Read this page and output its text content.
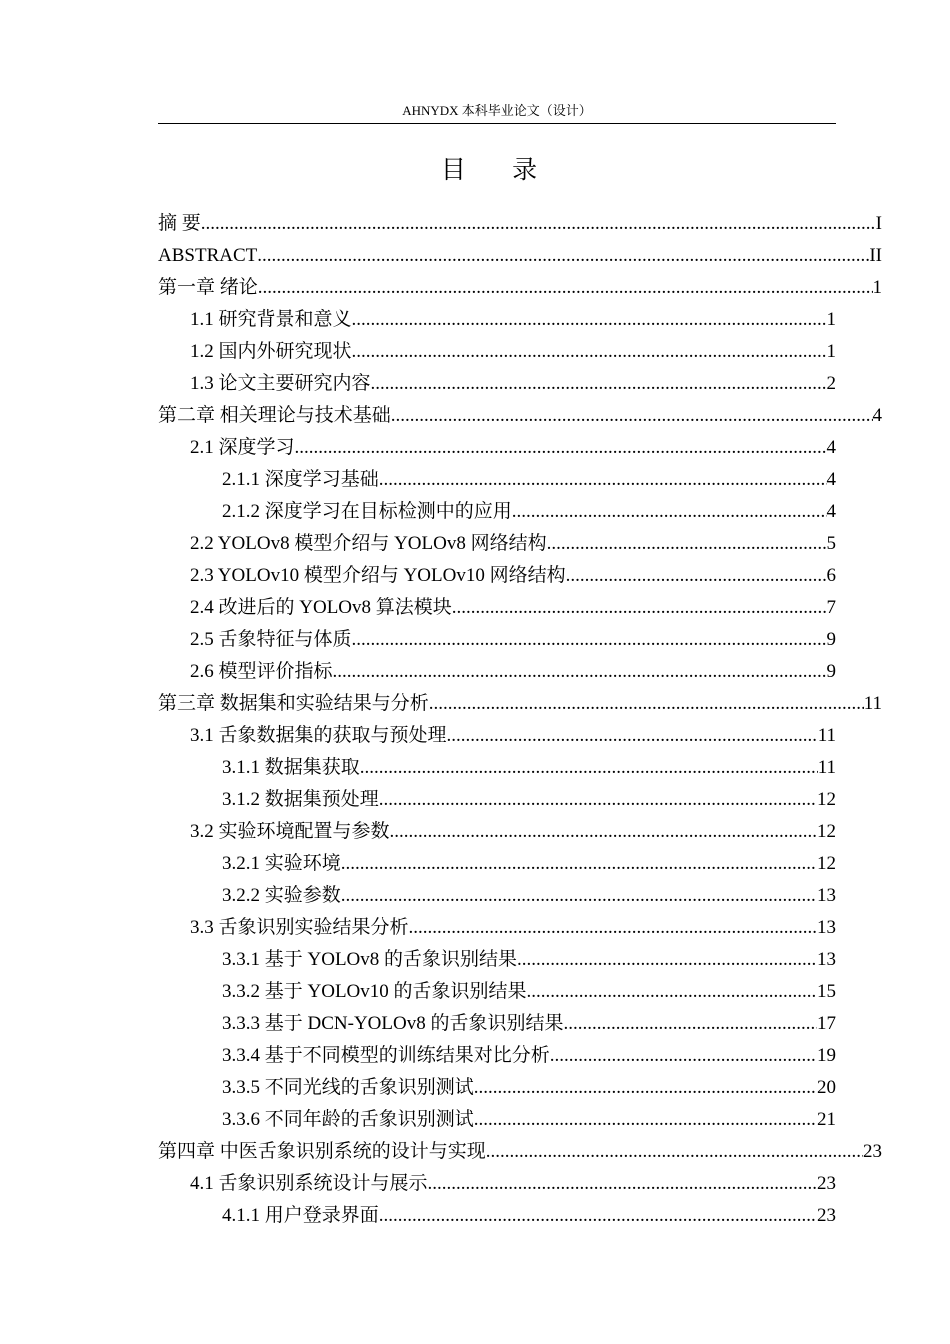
AHNYDX 本科毕业论文（设计）
目 录
摘 要 .....	I
ABSTRACT .....	II
第一章 绪论 .....	1
1.1 研究背景和意义 .....	1
1.2 国内外研究现状 .....	1
1.3 论文主要研究内容 .....	2
第二章 相关理论与技术基础 .....	4
2.1 深度学习 .....	4
2.1.1 深度学习基础 .....	4
2.1.2 深度学习在目标检测中的应用 .....	4
2.2 YOLOv8 模型介绍与 YOLOv8 网络结构 .....	5
2.3 YOLOv10 模型介绍与 YOLOv10 网络结构 .....	6
2.4 改进后的 YOLOv8 算法模块 .....	7
2.5 舌象特征与体质 .....	9
2.6 模型评价指标 .....	9
第三章 数据集和实验结果与分析 .....	11
3.1 舌象数据集的获取与预处理 .....	11
3.1.1 数据集获取 .....	11
3.1.2 数据集预处理 .....	12
3.2 实验环境配置与参数 .....	12
3.2.1 实验环境 .....	12
3.2.2 实验参数 .....	13
3.3 舌象识别实验结果分析 .....	13
3.3.1 基于 YOLOv8 的舌象识别结果 .....	13
3.3.2 基于 YOLOv10 的舌象识别结果 .....	15
3.3.3 基于 DCN-YOLOv8 的舌象识别结果 .....	17
3.3.4 基于不同模型的训练结果对比分析 .....	19
3.3.5 不同光线的舌象识别测试 .....	20
3.3.6 不同年龄的舌象识别测试 .....	21
第四章 中医舌象识别系统的设计与实现 .....	23
4.1 舌象识别系统设计与展示 .....	23
4.1.1 用户登录界面 .....	23
